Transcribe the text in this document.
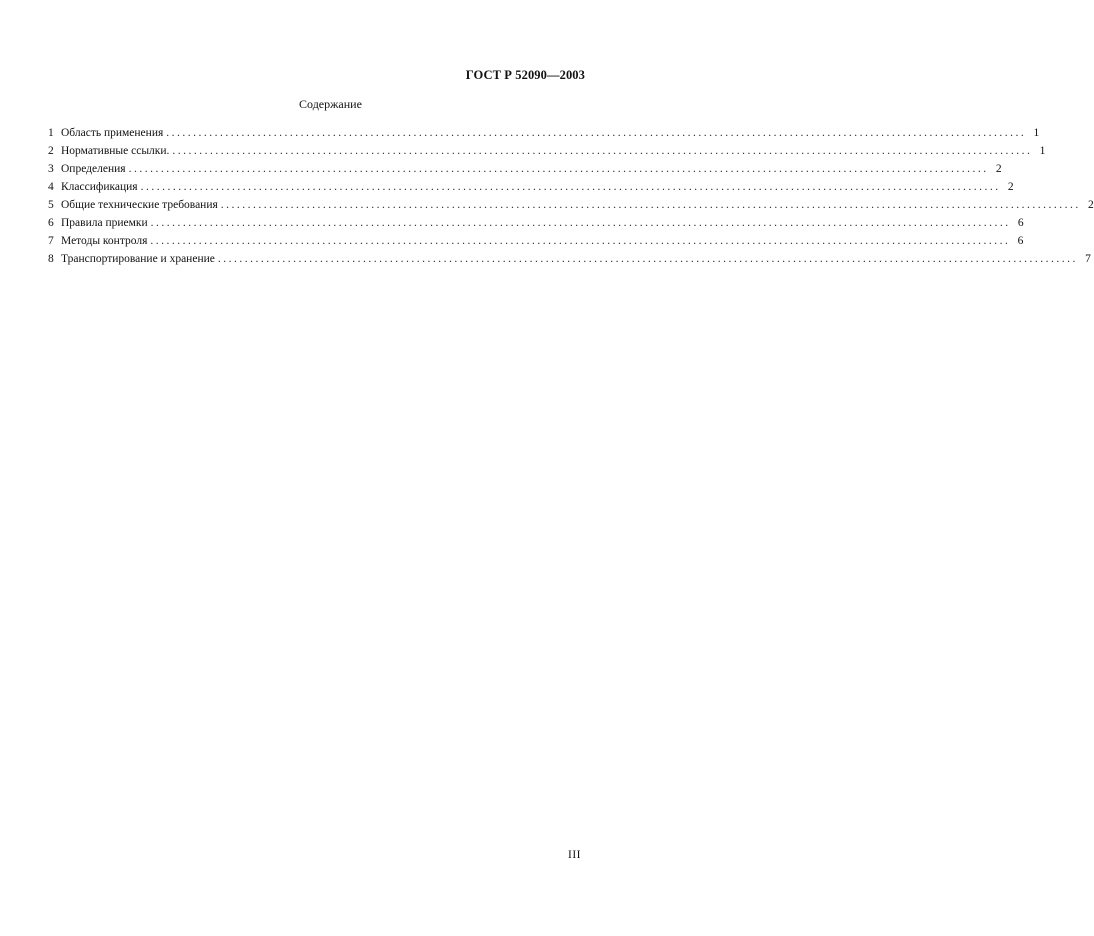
ГОСТ Р 52090—2003
Содержание
1 Область применения ................................................................................................................................................................ 1
2 Нормативные ссылки. ................................................................................................................................................................ 1
3 Определения ................................................................................................................................................................ 2
4 Классификация ................................................................................................................................................................ 2
5 Общие технические требования ................................................................................................................................................................ 2
6 Правила приемки ................................................................................................................................................................ 6
7 Методы контроля ................................................................................................................................................................ 6
8 Транспортирование и хранение ................................................................................................................................................................ 7
III
